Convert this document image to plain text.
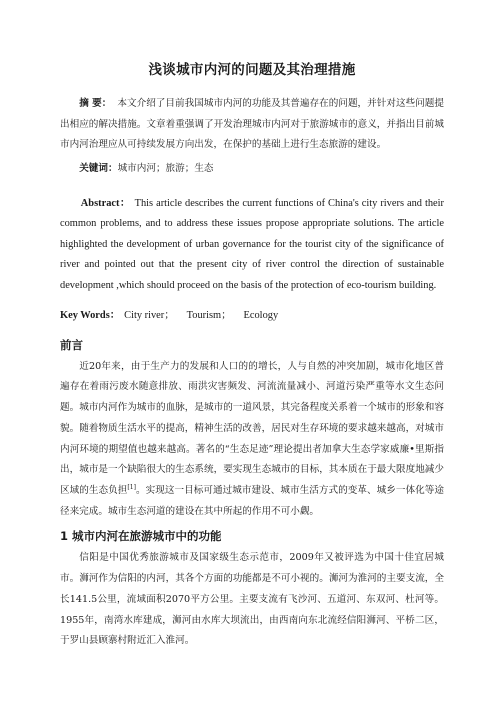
浅谈城市内河的问题及其治理措施

摘 要： 本文介绍了目前我国城市内河的功能及其普遍存在的问题，并针对这些问题提出相应的解决措施。文章着重强调了开发治理城市内河对于旅游城市的意义，并指出目前城市内河治理应从可持续发展方向出发，在保护的基础上进行生态旅游的建设。

关键词：城市内河；旅游；生态

Abstract： This article describes the current functions of China's city rivers and their common problems, and to address these issues propose appropriate solutions. The article highlighted the development of urban governance for the tourist city of the significance of river and pointed out that the present city of river control the direction of sustainable development ,which should proceed on the basis of the protection of eco-tourism building.

Key Words： City river； Tourism； Ecology

前言

近20年来，由于生产力的发展和人口的的增长，人与自然的冲突加剧，城市化地区普遍存在着雨污废水随意排放、雨洪灾害频发、河流流量减小、河道污染严重等水文生态问题。城市内河作为城市的血脉，是城市的一道风景，其完备程度关系着一个城市的形象和容貌。随着物质生活水平的提高，精神生活的改善，居民对生存环境的要求越来越高，对城市内河环境的期望值也越来越高。著名的“生态足迹”理论提出者加拿大生态学家威廉•里斯指出，城市是一个缺陷很大的生态系统，要实现生态城市的目标，其本质在于最大限度地减少区域的生态负担[1]。实现这一目标可通过城市建设、城市生活方式的变革、城乡一体化等途径来完成。城市生态河道的建设在其中所起的作用不可小觑。

1 城市内河在旅游城市中的功能

信阳是中国优秀旅游城市及国家级生态示范市，2009年又被评选为中国十佳宜居城市。浉河作为信阳的内河，其各个方面的功能都是不可小视的。浉河为淮河的主要支流，全长141.5公里，流域面积2070平方公里。主要支流有飞沙河、五道河、东双河、杜河等。1955年，南湾水库建成，浉河由水库大坝流出，由西南向东北流经信阳浉河、平桥二区，于罗山县顾寨村附近汇入淮河。
